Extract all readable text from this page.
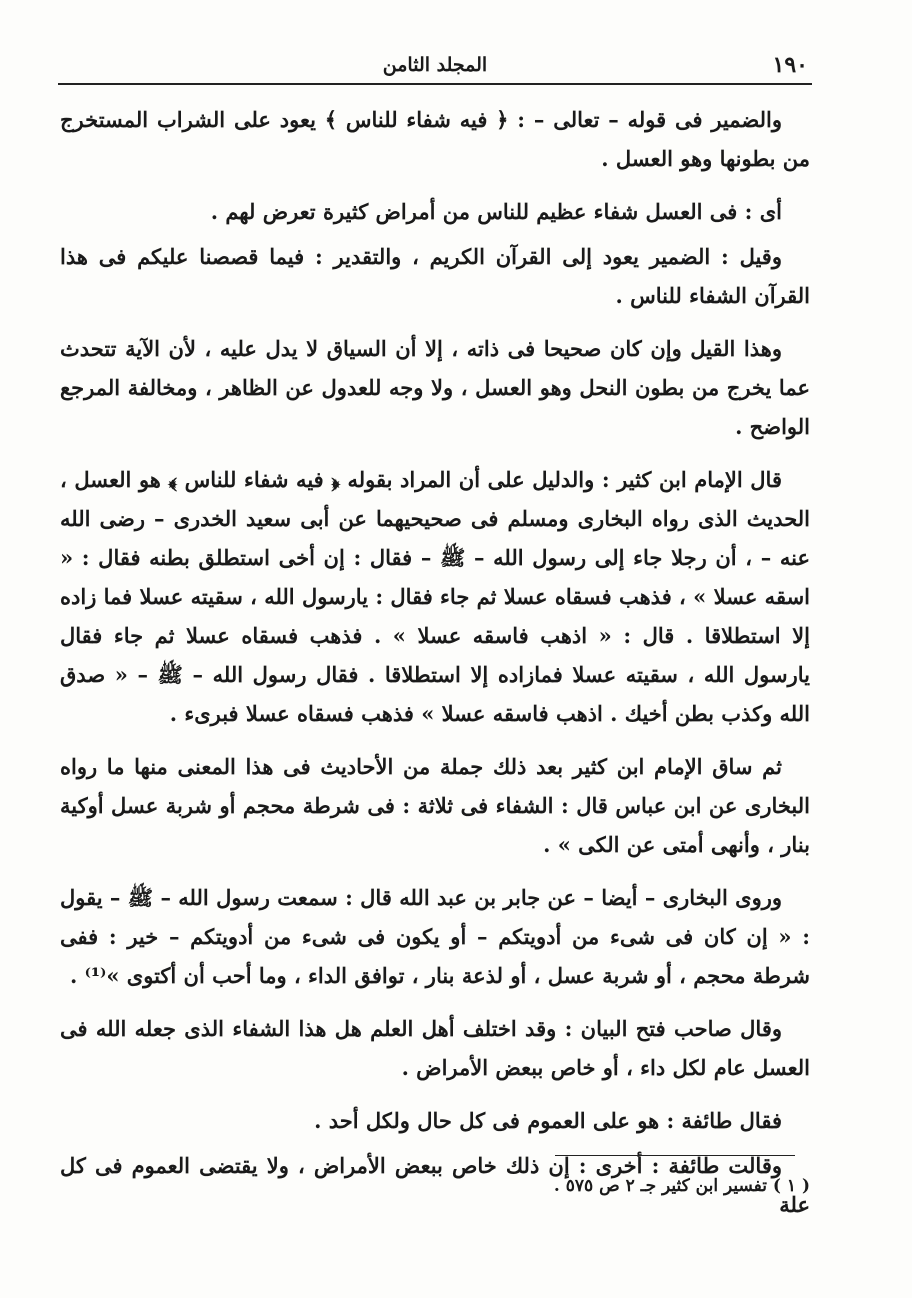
١٩٠
المجلد الثامن

والضمير فى قوله – تعالى – : ﴿ فيه شفاء للناس ﴾ يعود على الشراب المستخرج من بطونها وهو العسل .

أى : فى العسل شفاء عظيم للناس من أمراض كثيرة تعرض لهم .

وقيل : الضمير يعود إلى القرآن الكريم ، والتقدير : فيما قصصنا عليكم فى هذا القرآن الشفاء للناس .

وهذا القيل وإن كان صحيحا فى ذاته ، إلا أن السياق لا يدل عليه ، لأن الآية تتحدث عما يخرج من بطون النحل وهو العسل ، ولا وجه للعدول عن الظاهر ، ومخالفة المرجع الواضح .

قال الإمام ابن كثير : والدليل على أن المراد بقوله ﴿ فيه شفاء للناس ﴾ هو العسل ، الحديث الذى رواه البخارى ومسلم فى صحيحيهما عن أبى سعيد الخدرى – رضى الله عنه – ، أن رجلا جاء إلى رسول الله – ﷺ – فقال : إن أخى استطلق بطنه فقال : « اسقه عسلا » ، فذهب فسقاه عسلا ثم جاء فقال : يارسول الله ، سقيته عسلا فما زاده إلا استطلاقا . قال : « اذهب فاسقه عسلا » . فذهب فسقاه عسلا ثم جاء فقال يارسول الله ، سقيته عسلا فمازاده إلا استطلاقا . فقال رسول الله – ﷺ – « صدق الله وكذب بطن أخيك . اذهب فاسقه عسلا » فذهب فسقاه عسلا فبرىء .

ثم ساق الإمام ابن كثير بعد ذلك جملة من الأحاديث فى هذا المعنى منها ما رواه البخارى عن ابن عباس قال : الشفاء فى ثلاثة : فى شرطة محجم أو شربة عسل أوكية بنار ، وأنهى أمتى عن الكى » .

وروى البخارى – أيضا – عن جابر بن عبد الله قال : سمعت رسول الله – ﷺ – يقول : « إن كان فى شىء من أدويتكم – أو يكون فى شىء من أدويتكم – خير : ففى شرطة محجم ، أو شربة عسل ، أو لذعة بنار ، توافق الداء ، وما أحب أن أكتوى »⁽¹⁾ .

وقال صاحب فتح البيان : وقد اختلف أهل العلم هل هذا الشفاء الذى جعله الله فى العسل عام لكل داء ، أو خاص ببعض الأمراض .

فقال طائفة : هو على العموم فى كل حال ولكل أحد .

وقالت طائفة : أخرى : إن ذلك خاص ببعض الأمراض ، ولا يقتضى العموم فى كل علة

( ١ ) تفسير ابن كثير جـ ٢ ص ٥٧٥ .
